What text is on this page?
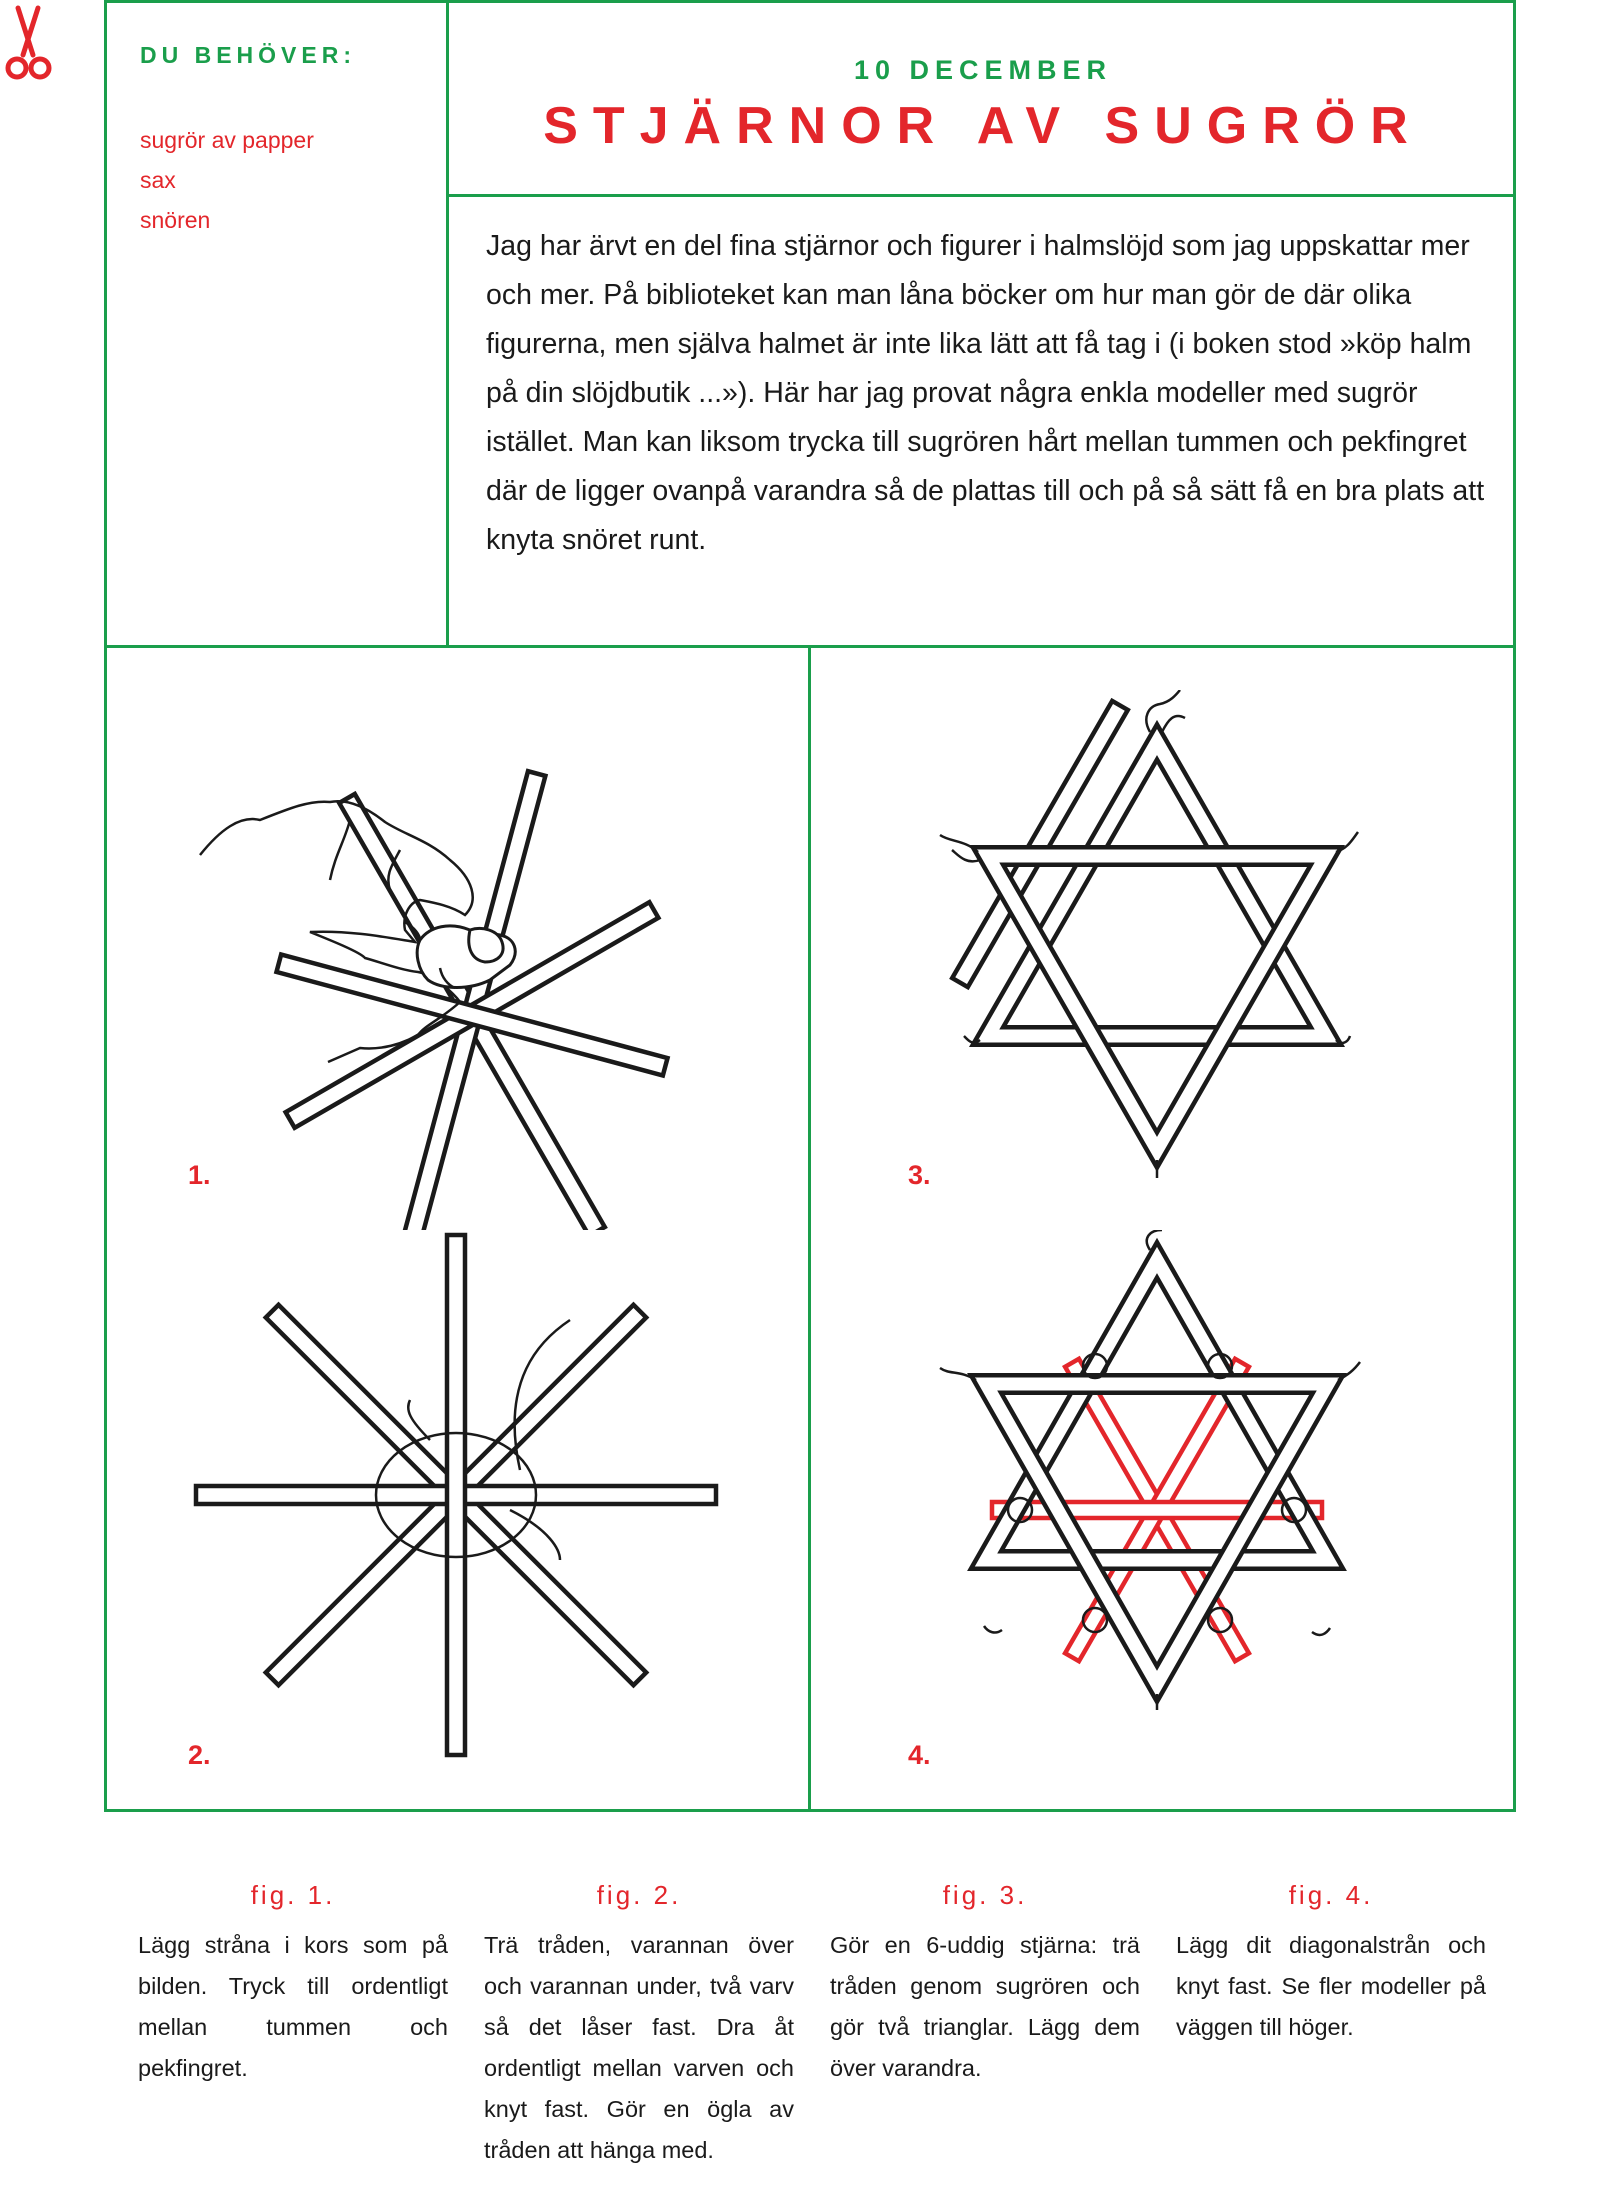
DU BEHÖVER:
sugrör av papper
sax
snören
10 DECEMBER
STJÄRNOR AV SUGRÖR
Jag har ärvt en del fina stjärnor och figurer i halmslöjd som jag uppskattar mer och mer. På biblioteket kan man låna böcker om hur man gör de där olika figurerna, men själva halmet är inte lika lätt att få tag i (i boken stod »köp halm på din slöjdbutik ...»). Här har jag provat några enkla modeller med sugrör istället. Man kan liksom trycka till sugrören hårt mellan tummen och pekfingret där de ligger ovanpå varandra så de plattas till och på så sätt få en bra plats att knyta snöret runt.
1.
2.
3.
4.
fig. 1.
Lägg stråna i kors som på bilden. Tryck till ordentligt mellan tummen och pekfingret.
fig. 2.
Trä tråden, varannan över och varannan under, två varv så det låser fast. Dra åt ordentligt mellan varven och knyt fast. Gör en ögla av tråden att hänga med.
fig. 3.
Gör en 6-uddig stjärna: trä tråden genom sugrören och gör två trianglar. Lägg dem över varandra.
fig. 4.
Lägg dit diagonalstrån och knyt fast. Se fler modeller på väggen till höger.
